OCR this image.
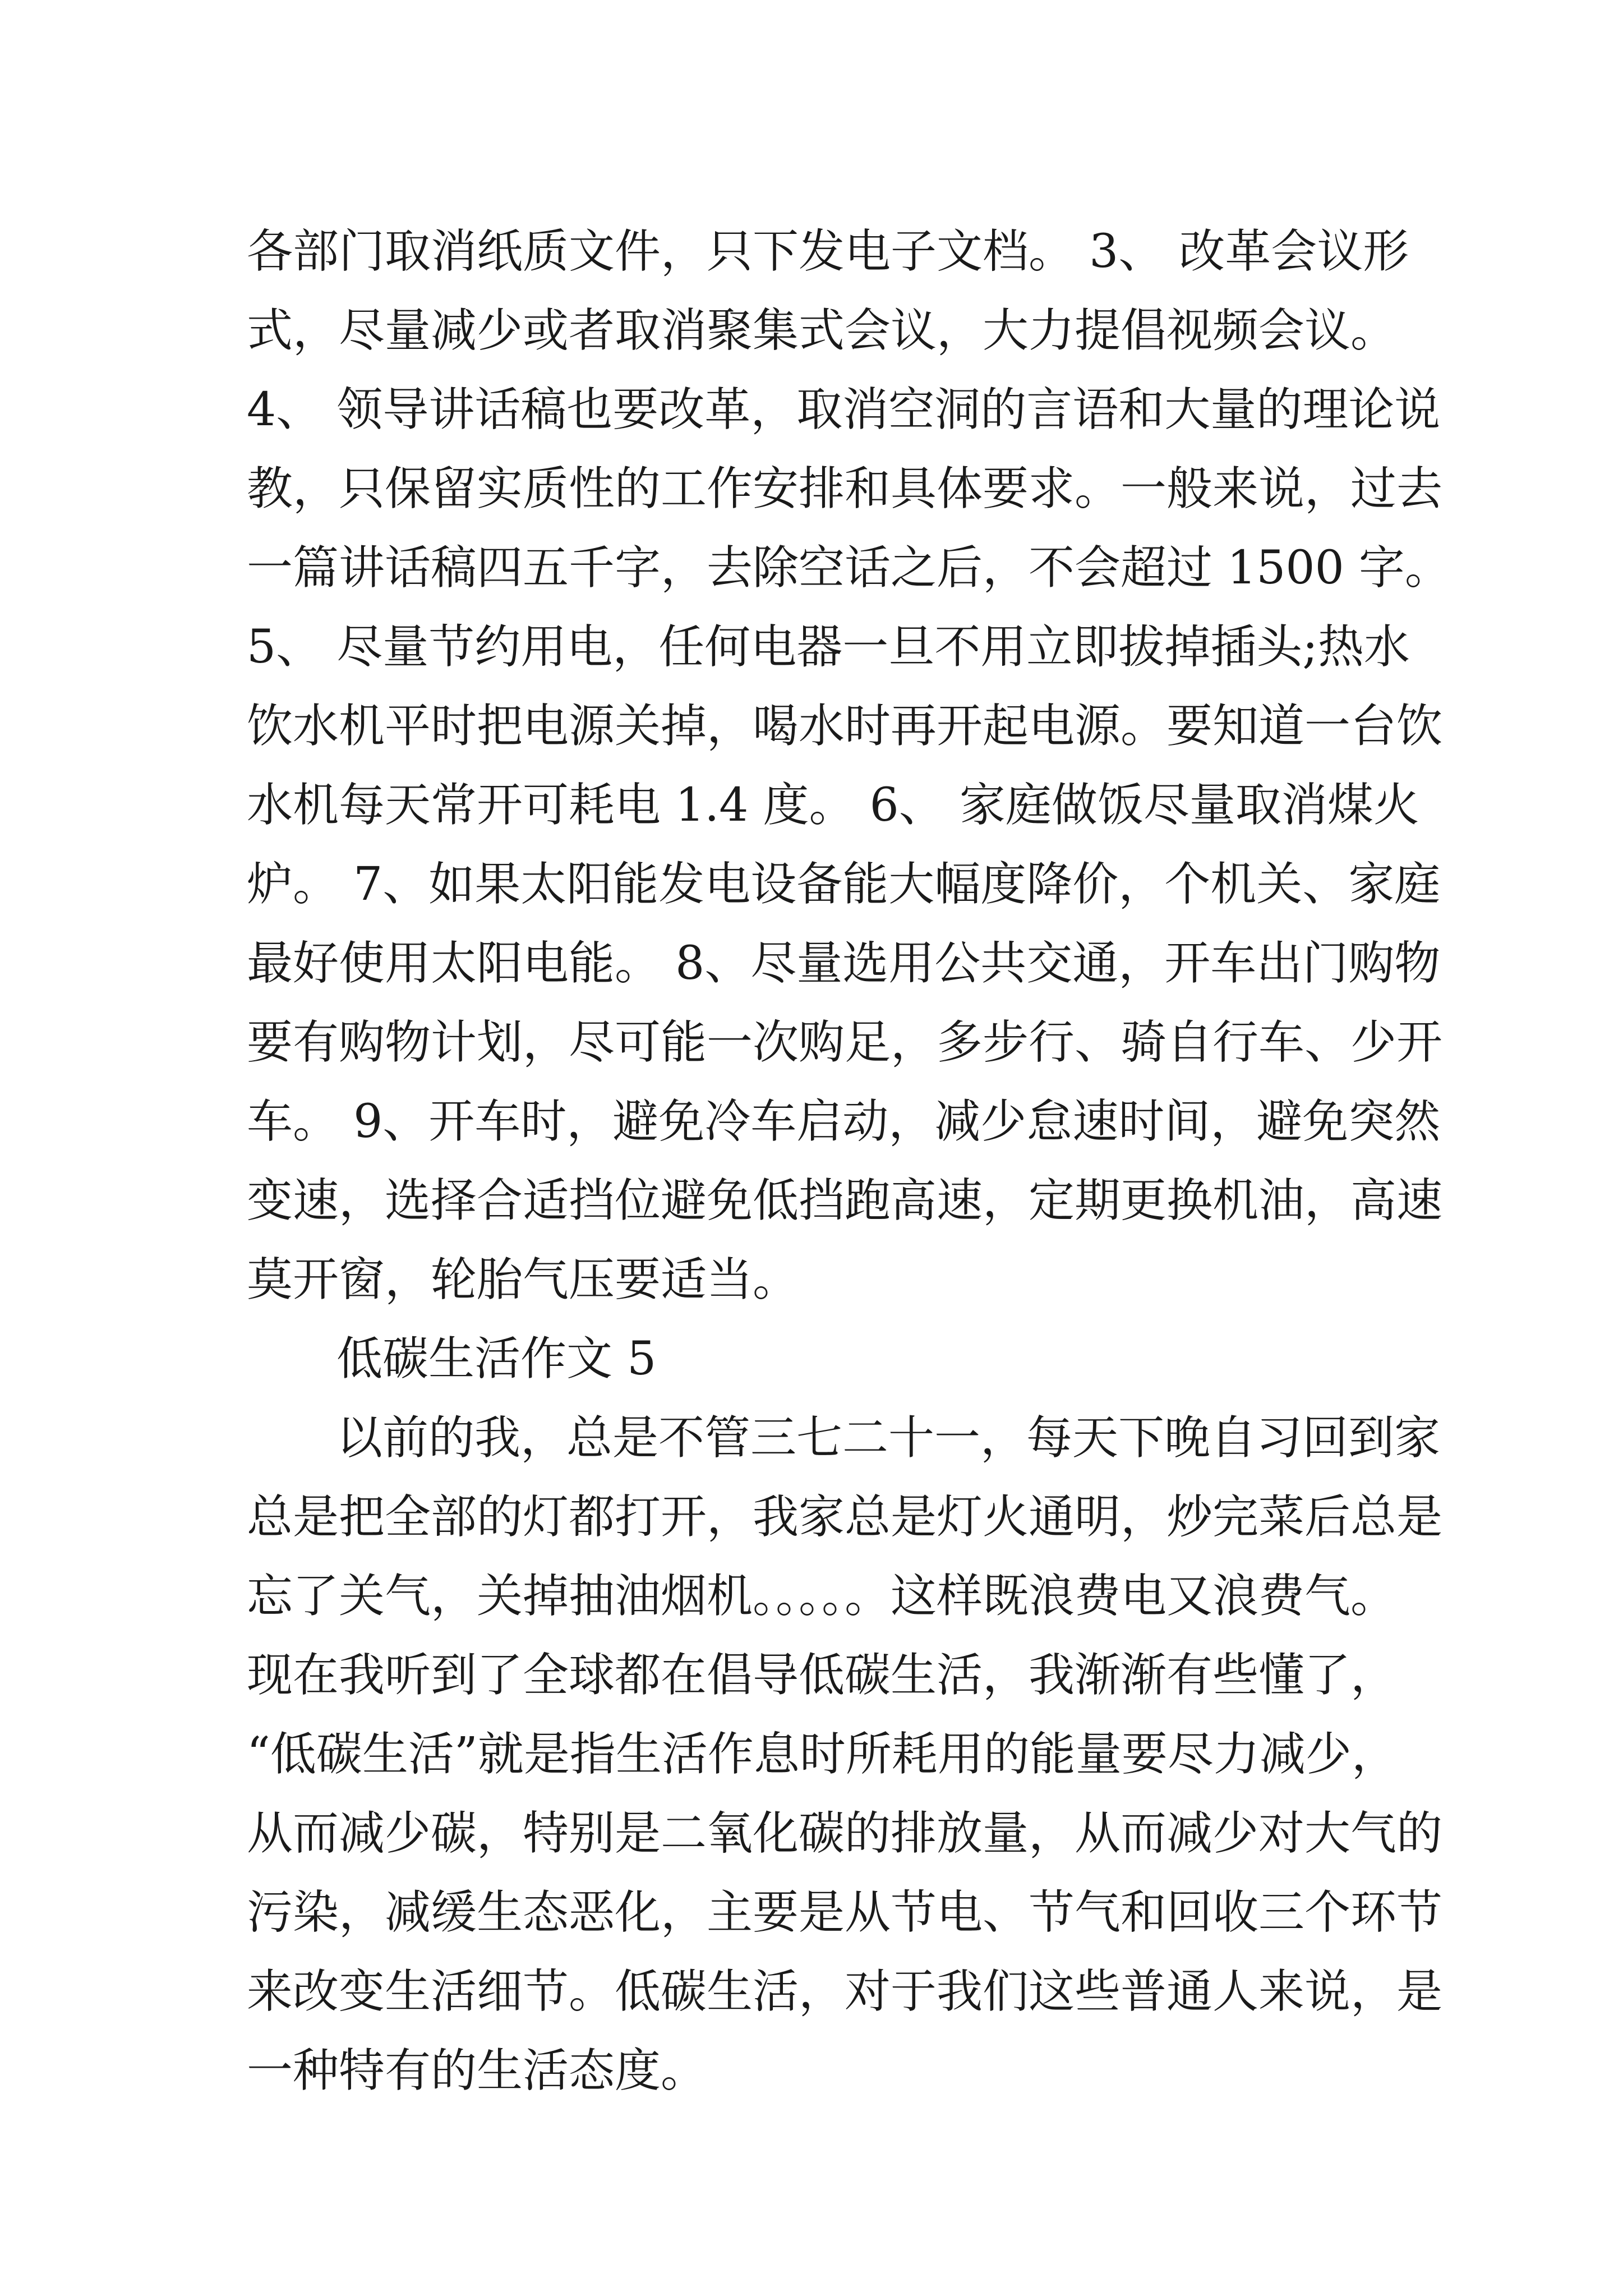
各部门取消纸质文件，只下发电子文档。 3、 改革会议形
式，尽量减少或者取消聚集式会议，大力提倡视频会议。
4、 领导讲话稿也要改革，取消空洞的言语和大量的理论说
教，只保留实质性的工作安排和具体要求。一般来说，过去
一篇讲话稿四五千字，去除空话之后，不会超过 1500 字。
5、 尽量节约用电，任何电器一旦不用立即拔掉插头;热水
饮水机平时把电源关掉，喝水时再开起电源。要知道一台饮
水机每天常开可耗电 1.4 度。 6、 家庭做饭尽量取消煤火
炉。 7、如果太阳能发电设备能大幅度降价，个机关、家庭
最好使用太阳电能。 8、尽量选用公共交通，开车出门购物
要有购物计划，尽可能一次购足，多步行、骑自行车、少开
车。 9、开车时，避免冷车启动，减少怠速时间，避免突然
变速，选择合适挡位避免低挡跑高速，定期更换机油，高速
莫开窗，轮胎气压要适当。
低碳生活作文 5
以前的我，总是不管三七二十一，每天下晚自习回到家
总是把全部的灯都打开，我家总是灯火通明，炒完菜后总是
忘了关气，关掉抽油烟机。。。。。这样既浪费电又浪费气。
现在我听到了全球都在倡导低碳生活，我渐渐有些懂了，
“低碳生活”就是指生活作息时所耗用的能量要尽力减少，
从而减少碳，特别是二氧化碳的排放量，从而减少对大气的
污染，减缓生态恶化，主要是从节电、节气和回收三个环节
来改变生活细节。低碳生活，对于我们这些普通人来说，是
一种特有的生活态度。
